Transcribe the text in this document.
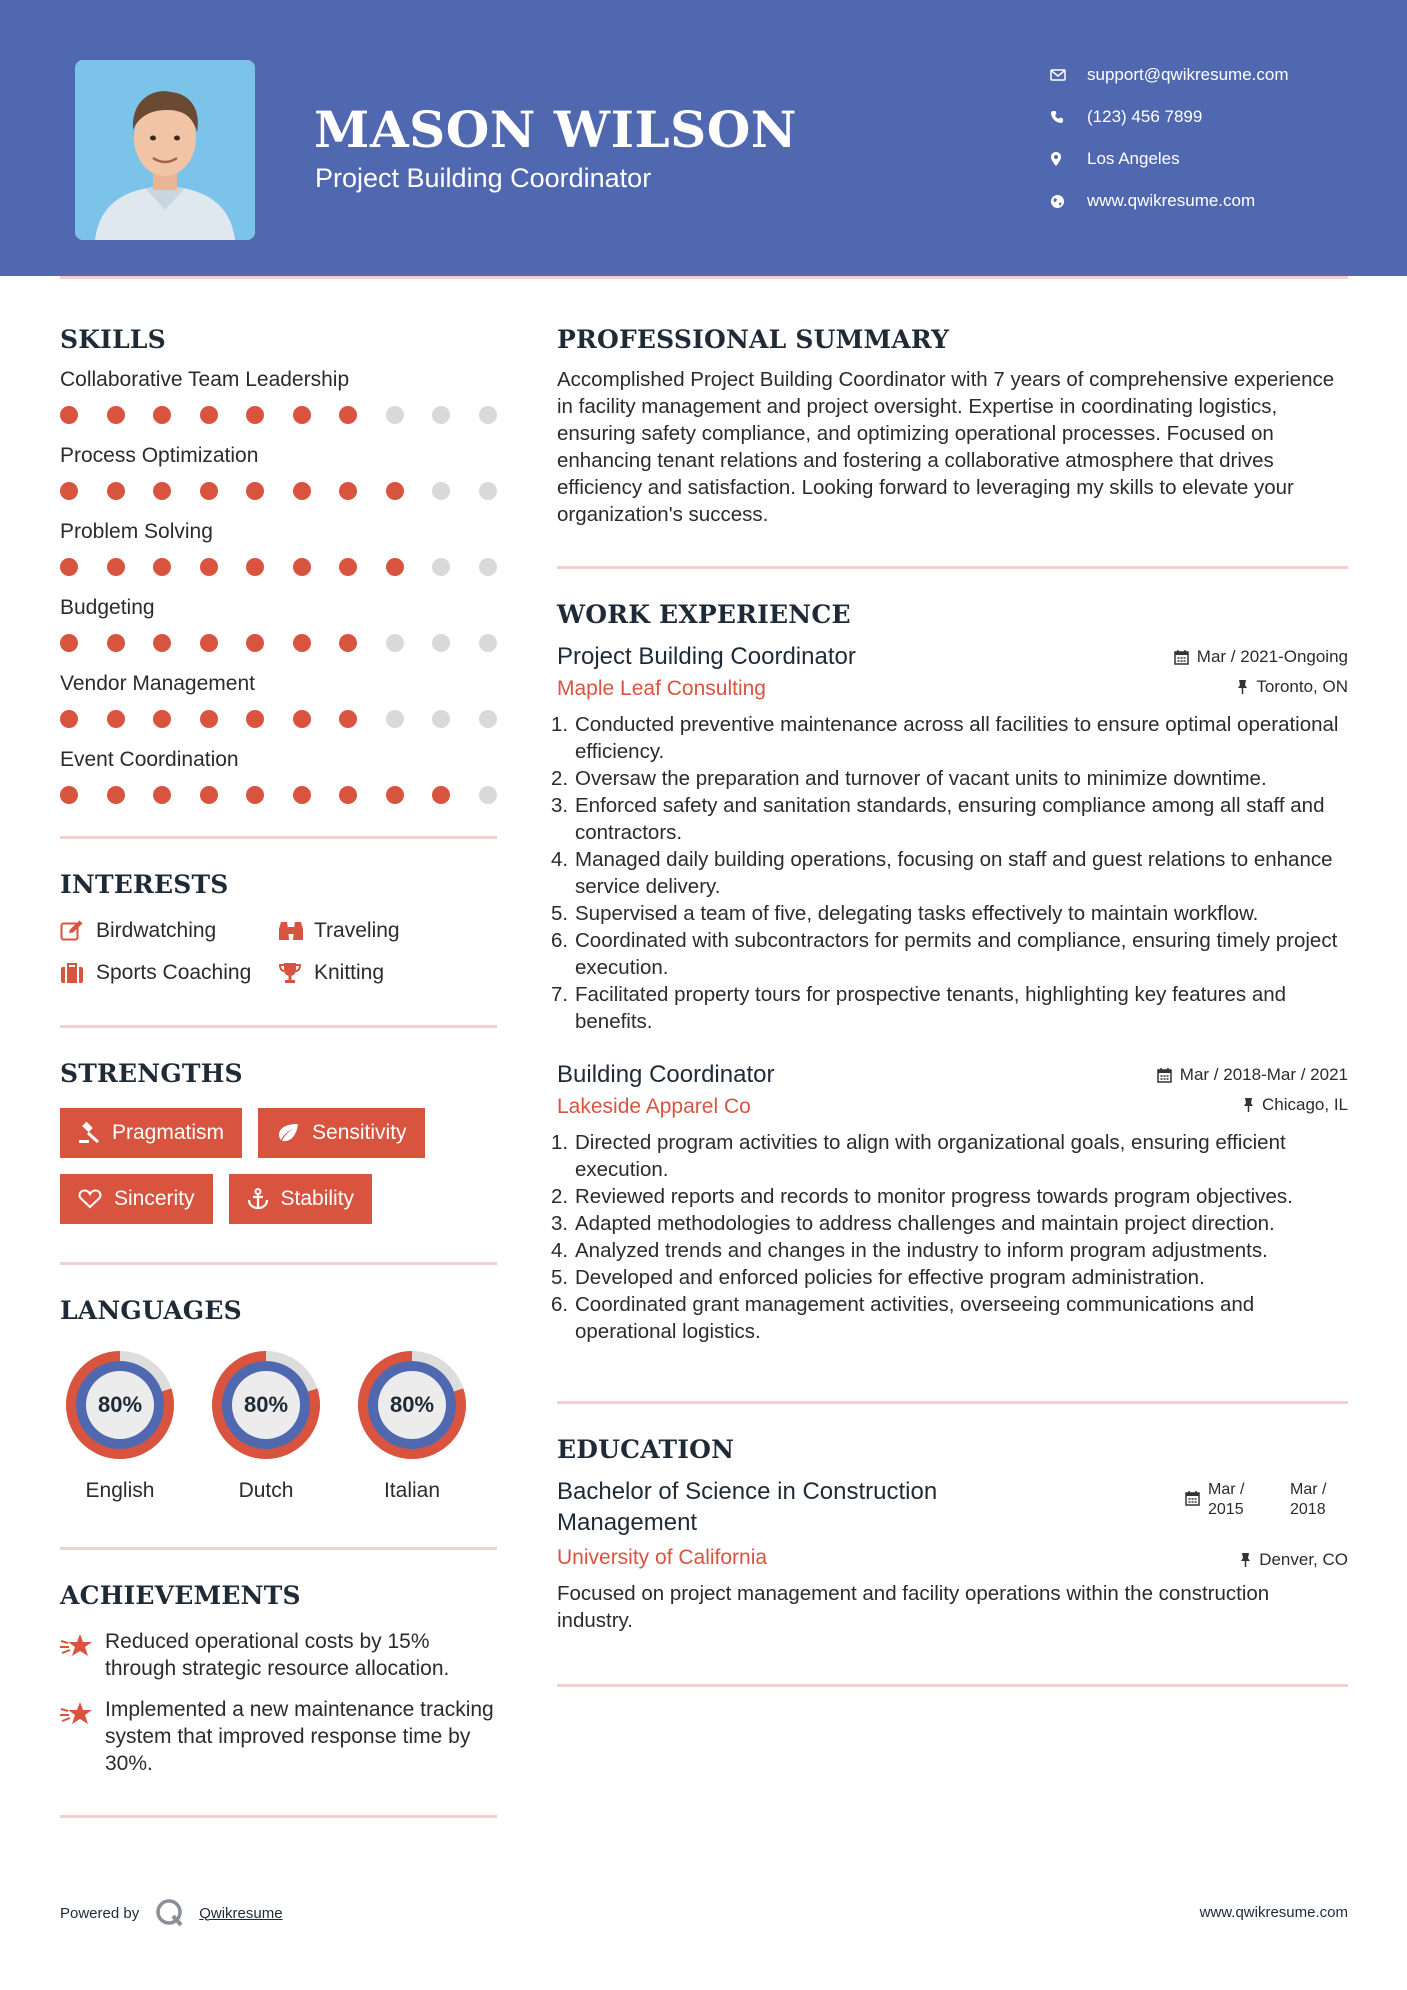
MASON WILSON
Project Building Coordinator
support@qwikresume.com
(123) 456 7899
Los Angeles
www.qwikresume.com
SKILLS
Collaborative Team Leadership
Process Optimization
Problem Solving
Budgeting
Vendor Management
Event Coordination
INTERESTS
Birdwatching	Traveling
Sports Coaching	Knitting
STRENGTHS
Pragmatism	Sensitivity
Sincerity	Stability
LANGUAGES
80%
English
80%
Dutch
80%
Italian
ACHIEVEMENTS
Reduced operational costs by 15% through strategic resource allocation.
Implemented a new maintenance tracking system that improved response time by 30%.
PROFESSIONAL SUMMARY
Accomplished Project Building Coordinator with 7 years of comprehensive experience in facility management and project oversight. Expertise in coordinating logistics, ensuring safety compliance, and optimizing operational processes. Focused on enhancing tenant relations and fostering a collaborative atmosphere that drives efficiency and satisfaction. Looking forward to leveraging my skills to elevate your organization's success.
WORK EXPERIENCE
Project Building Coordinator
Maple Leaf Consulting
Mar / 2021-Ongoing
Toronto, ON
1. Conducted preventive maintenance across all facilities to ensure optimal operational efficiency.
2. Oversaw the preparation and turnover of vacant units to minimize downtime.
3. Enforced safety and sanitation standards, ensuring compliance among all staff and contractors.
4. Managed daily building operations, focusing on staff and guest relations to enhance service delivery.
5. Supervised a team of five, delegating tasks effectively to maintain workflow.
6. Coordinated with subcontractors for permits and compliance, ensuring timely project execution.
7. Facilitated property tours for prospective tenants, highlighting key features and benefits.
Building Coordinator
Lakeside Apparel Co
Mar / 2018-Mar / 2021
Chicago, IL
1. Directed program activities to align with organizational goals, ensuring efficient execution.
2. Reviewed reports and records to monitor progress towards program objectives.
3. Adapted methodologies to address challenges and maintain project direction.
4. Analyzed trends and changes in the industry to inform program adjustments.
5. Developed and enforced policies for effective program administration.
6. Coordinated grant management activities, overseeing communications and operational logistics.
EDUCATION
Bachelor of Science in Construction Management
University of California
Mar /
2015
Mar /
2018
Denver, CO
Focused on project management and facility operations within the construction industry.
Powered by	Qwikresume	www.qwikresume.com
